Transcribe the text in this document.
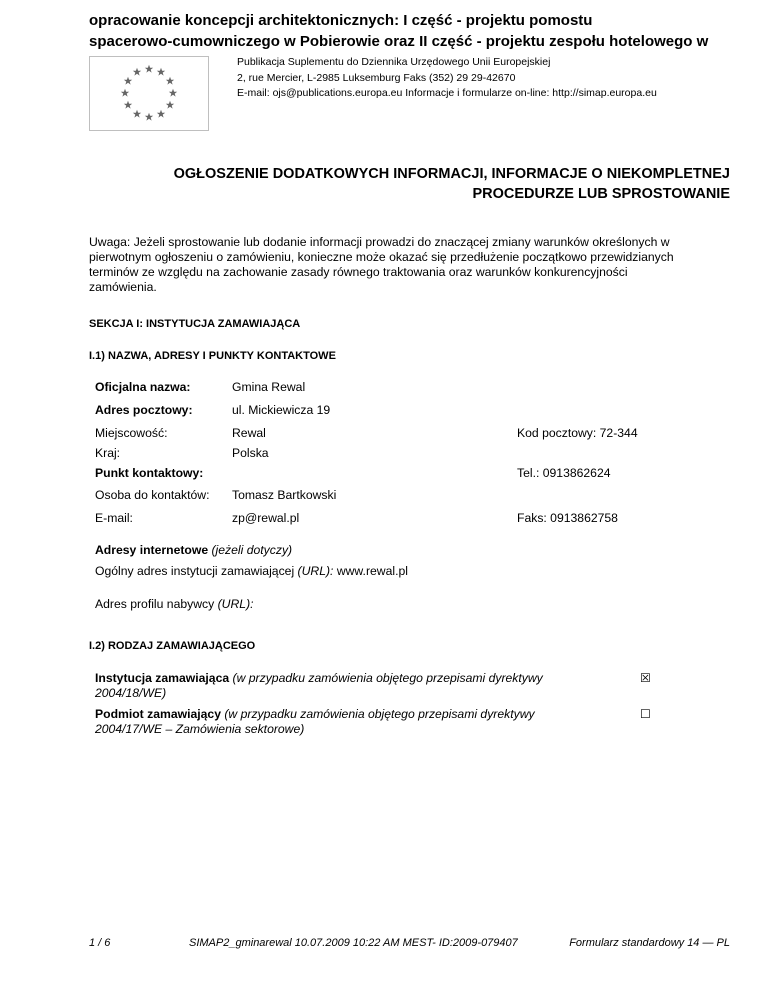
opracowanie koncepcji architektonicznych: I część - projektu pomostu
spacerowo-cumowniczego w Pobierowie oraz II część - projektu zespołu hotelowego w
Publikacja Suplementu do Dziennika Urzędowego Unii Europejskiej
2, rue Mercier, L-2985 Luksemburg Faks (352) 29 29-42670
E-mail: ojs@publications.europa.eu Informacje i formularze on-line: http://simap.europa.eu
OGŁOSZENIE DODATKOWYCH INFORMACJI, INFORMACJE O NIEKOMPLETNEJ
PROCEDURZE LUB SPROSTOWANIE
Uwaga: Jeżeli sprostowanie lub dodanie informacji prowadzi do znaczącej zmiany warunków określonych w
pierwotnym ogłoszeniu o zamówieniu, konieczne może okazać się przedłużenie początkowo przewidzianych
terminów ze względu na zachowanie zasady równego traktowania oraz warunków konkurencyjności
zamówienia.
SEKCJA I: INSTYTUCJA ZAMAWIAJĄCA
I.1) NAZWA, ADRESY I PUNKTY KONTAKTOWE
Oficjalna nazwa:	Gmina Rewal
Adres pocztowy:	ul. Mickiewicza 19
Miejscowość:	Rewal	Kod pocztowy: 72-344
Kraj:	Polska
Punkt kontaktowy:	Tel.: 0913862624
Osoba do kontaktów: Tomasz Bartkowski
E-mail:	zp@rewal.pl	Faks: 0913862758
Adresy internetowe (jeżeli dotyczy)
Ogólny adres instytucji zamawiającej (URL): www.rewal.pl
Adres profilu nabywcy (URL):
I.2) RODZAJ ZAMAWIAJĄCEGO
Instytucja zamawiająca (w przypadku zamówienia objętego przepisami dyrektywy
2004/18/WE)
☒
Podmiot zamawiający (w przypadku zamówienia objętego przepisami dyrektywy
2004/17/WE – Zamówienia sektorowe)
☐
1 / 6	SIMAP2_gminarewal 10.07.2009 10:22 AM MEST- ID:2009-079407	Formularz standardowy 14 — PL
